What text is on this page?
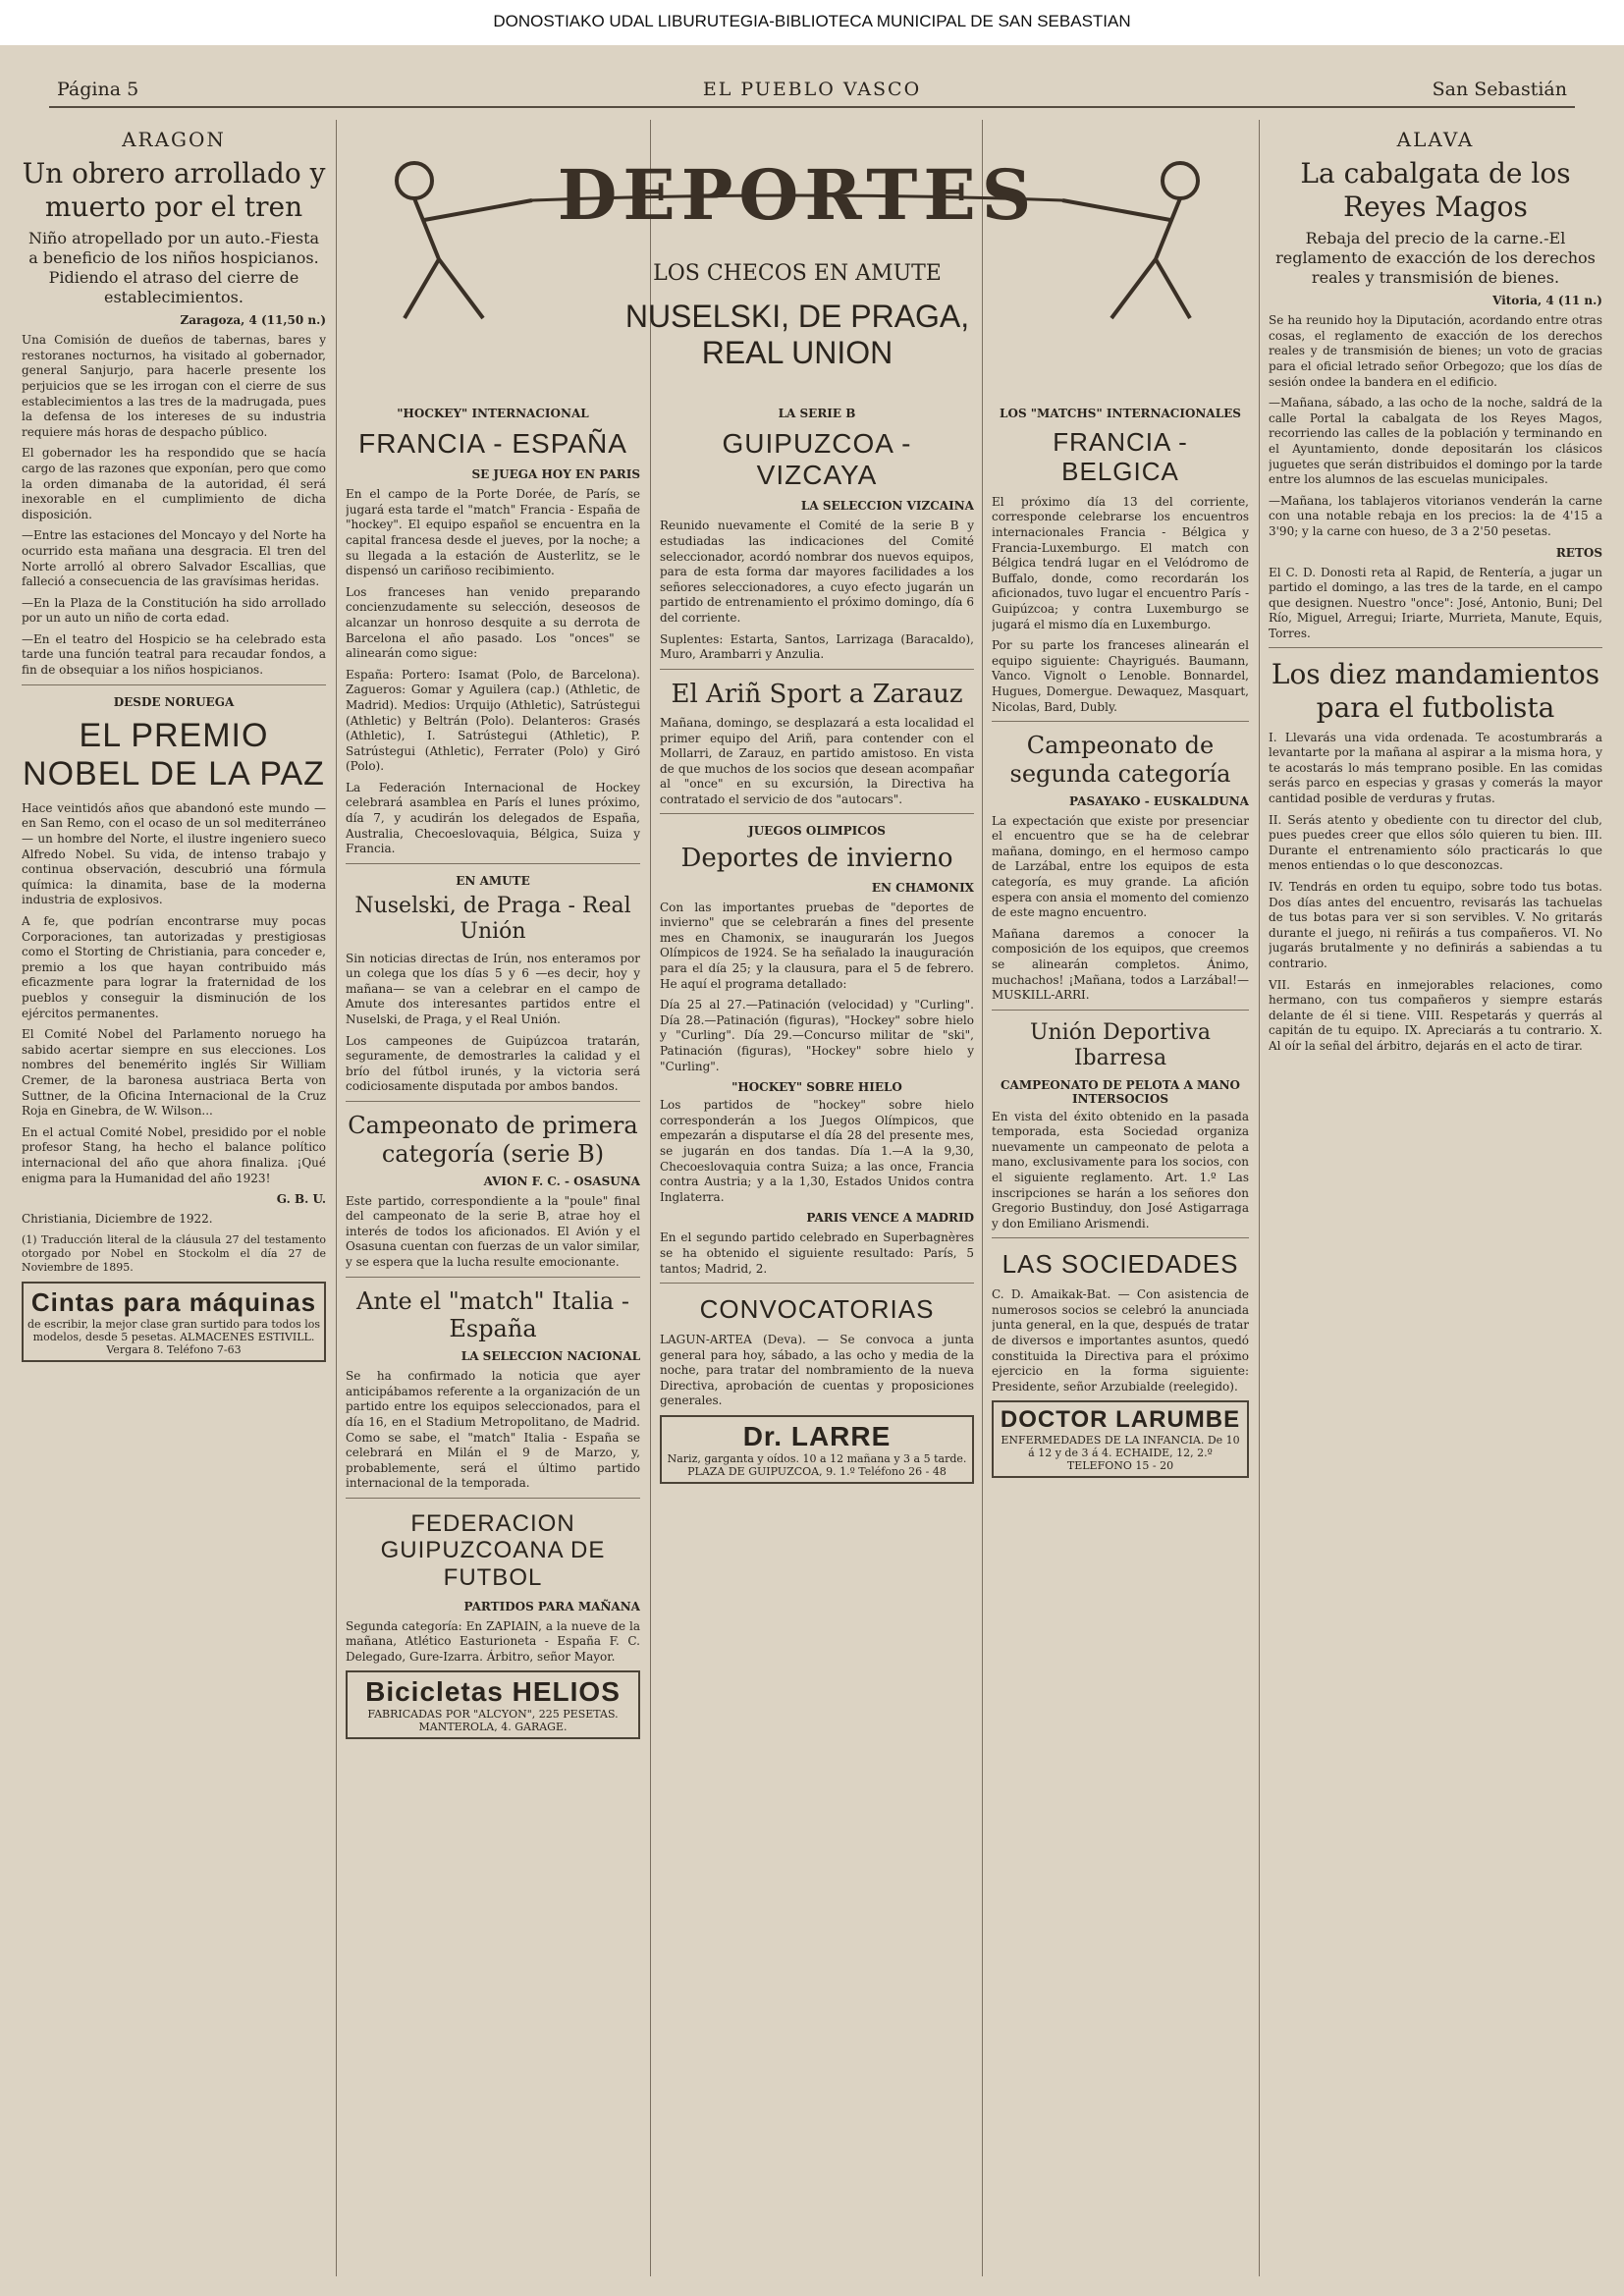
DONOSTIAKO UDAL LIBURUTEGIA-BIBLIOTECA MUNICIPAL DE SAN SEBASTIAN
Página 5	EL PUEBLO VASCO	San Sebastián
ARAGON
Un obrero arrollado y muerto por el tren
Niño atropellado por un auto.-Fiesta a beneficio de los niños hospicianos. Pidiendo el atraso del cierre de establecimientos.
Zaragoza, 4 (11,50 n.)

Una Comisión de dueños de tabernas, bares y restoranes nocturnos, ha visitado al gobernador, general Sanjurjo, para hacerle presente los perjuicios que se les irrogan con el cierre de sus establecimientos a las tres de la madrugada, pues la defensa de los intereses de su industria requiere más horas de despacho público.

El gobernador les ha respondido que se hacía cargo de las razones que exponían, pero que como la orden dimanaba de la autoridad, él será inexorable en el cumplimiento de dicha disposición.

—Entre las estaciones del Moncayo y del Norte ha ocurrido esta mañana una desgracia. El tren del Norte arrolló al obrero Salvador Escallias, que falleció a consecuencia de las gravísimas heridas.

—En la Plaza de la Constitución ha sido arrollado por un auto un niño de corta edad.

—En el teatro del Hospicio se ha celebrado esta tarde una función teatral para recaudar fondos, a fin de obsequiar a los niños hospicianos.

DESDE NORUEGA
EL PREMIO NOBEL DE LA PAZ

Hace veintidós años que abandonó este mundo —en San Remo, con el ocaso de un sol mediterráneo— un hombre del Norte, el ilustre ingeniero sueco Alfredo Nobel. Su vida, de intenso trabajo y continua observación, descubrió una fórmula química: la dinamita, base de la moderna industria de explosivos.

A fe, que podrían encontrarse muy pocas Corporaciones, tan autorizadas y prestigiosas como el Storting de Christiania, para conceder e, premio a los que hayan contribuido más eficazmente para lograr la fraternidad de los pueblos y conseguir la disminución de los ejércitos permanentes.

El Comité Nobel del Parlamento noruego ha sabido acertar siempre en sus elecciones. Los nombres del benemérito inglés Sir William Cremer, de la baronesa austriaca Berta von Suttner, de la Oficina Internacional de la Cruz Roja en Ginebra, de W. Wilson...

En el actual Comité Nobel, presidido por el noble profesor Stang, ha hecho el balance político internacional del año que ahora finaliza. ¡Qué enigma para la Humanidad del año 1923!

G. B. U.

Christiania, Diciembre de 1922.

(1) Traducción literal de la cláusula 27 del testamento otorgado por Nobel en Stockolm el día 27 de Noviembre de 1895.

Cintas para máquinas
de escribir, la mejor clase gran surtido para todos los modelos, desde 5 pesetas. ALMACENES ESTIVILL. Vergara 8. Teléfono 7-63
DEPORTES
LOS CHECOS EN AMUTE
NUSELSKI, DE PRAGA, REAL UNION
"HOCKEY" INTERNACIONAL
FRANCIA - ESPAÑA
SE JUEGA HOY EN PARIS

En el campo de la Porte Dorée, de París, se jugará esta tarde el "match" Francia - España de "hockey". El equipo español se encuentra en la capital francesa desde el jueves, por la noche; a su llegada a la estación de Austerlitz, se le dispensó un cariñoso recibimiento.

Los franceses han venido preparando concienzudamente su selección, deseosos de alcanzar un honroso desquite a su derrota de Barcelona el año pasado. Los "onces" se alinearán como sigue:

España: Portero: Isamat (Polo, de Barcelona). Zagueros: Gomar y Aguilera (cap.) (Athletic, de Madrid). Medios: Urquijo (Athletic), Satrústegui (Athletic) y Beltrán (Polo). Delanteros: Grasés (Athletic), I. Satrústegui (Athletic), P. Satrústegui (Athletic), Ferrater (Polo) y Giró (Polo).

La Federación Internacional de Hockey celebrará asamblea en París el lunes próximo, día 7, y acudirán los delegados de España, Australia, Checoeslovaquia, Bélgica, Suiza y Francia.

EN AMUTE
Nuselski, de Praga - Real Unión

Sin noticias directas de Irún, nos enteramos por un colega que los días 5 y 6 —es decir, hoy y mañana— se van a celebrar en el campo de Amute dos interesantes partidos entre el Nuselski, de Praga, y el Real Unión.

Los campeones de Guipúzcoa tratarán, seguramente, de demostrarles la calidad y el brío del fútbol irunés, y la victoria será codiciosamente disputada por ambos bandos.

Campeonato de primera categoría (serie B)
AVION F. C. - OSASUNA

Este partido, correspondiente a la "poule" final del campeonato de la serie B, atrae hoy el interés de todos los aficionados. El Avión y el Osasuna cuentan con fuerzas de un valor similar, y se espera que la lucha resulte emocionante.

Ante el "match" Italia - España
LA SELECCION NACIONAL

Se ha confirmado la noticia que ayer anticipábamos referente a la organización de un partido entre los equipos seleccionados, para el día 16, en el Stadium Metropolitano, de Madrid. Como se sabe, el "match" Italia - España se celebrará en Milán el 9 de Marzo, y, probablemente, será el último partido internacional de la temporada.

FEDERACION GUIPUZCOANA DE FUTBOL
PARTIDOS PARA MAÑANA

Segunda categoría: En ZAPIAIN, a la nueve de la mañana, Atlético Easturioneta - España F. C. Delegado, Gure-Izarra. Árbitro, señor Mayor.

Bicicletas HELIOS
FABRICADAS POR "ALCYON", 225 PESETAS. MANTEROLA, 4. GARAGE.
LA SERIE B
GUIPUZCOA - VIZCAYA
LA SELECCION VIZCAINA

Reunido nuevamente el Comité de la serie B y estudiadas las indicaciones del Comité seleccionador, acordó nombrar dos nuevos equipos, para de esta forma dar mayores facilidades a los señores seleccionadores, a cuyo efecto jugarán un partido de entrenamiento el próximo domingo, día 6 del corriente.

Suplentes: Estarta, Santos, Larrizaga (Baracaldo), Muro, Arambarri y Anzulia.

El Ariñ Sport a Zarauz

Mañana, domingo, se desplazará a esta localidad el primer equipo del Ariñ, para contender con el Mollarri, de Zarauz, en partido amistoso. En vista de que muchos de los socios que desean acompañar al "once" en su excursión, la Directiva ha contratado el servicio de dos "autocars".

JUEGOS OLIMPICOS
Deportes de invierno
EN CHAMONIX

Con las importantes pruebas de "deportes de invierno" que se celebrarán a fines del presente mes en Chamonix, se inaugurarán los Juegos Olímpicos de 1924. Se ha señalado la inauguración para el día 25; y la clausura, para el 5 de febrero. He aquí el programa detallado:

Día 25 al 27.—Patinación (velocidad) y "Curling". Día 28.—Patinación (figuras), "Hockey" sobre hielo y "Curling". Día 29.—Concurso militar de "ski", Patinación (figuras), "Hockey" sobre hielo y "Curling".

"HOCKEY" SOBRE HIELO

Los partidos de "hockey" sobre hielo corresponderán a los Juegos Olímpicos, que empezarán a disputarse el día 28 del presente mes, se jugarán en dos tandas. Día 1.—A la 9,30, Checoeslovaquia contra Suiza; a las once, Francia contra Austria; y a la 1,30, Estados Unidos contra Inglaterra.

PARIS VENCE A MADRID

En el segundo partido celebrado en Superbagnères se ha obtenido el siguiente resultado: París, 5 tantos; Madrid, 2.

CONVOCATORIAS

LAGUN-ARTEA (Deva). — Se convoca a junta general para hoy, sábado, a las ocho y media de la noche, para tratar del nombramiento de la nueva Directiva, aprobación de cuentas y proposiciones generales.

Dr. LARRE
Nariz, garganta y oídos. 10 a 12 mañana y 3 a 5 tarde. PLAZA DE GUIPUZCOA, 9. 1.º Teléfono 26 - 48
LOS "MATCHS" INTERNACIONALES
FRANCIA - BELGICA

El próximo día 13 del corriente, corresponde celebrarse los encuentros internacionales Francia - Bélgica y Francia-Luxemburgo. El match con Bélgica tendrá lugar en el Velódromo de Buffalo, donde, como recordarán los aficionados, tuvo lugar el encuentro París - Guipúzcoa; y contra Luxemburgo se jugará el mismo día en Luxemburgo.

Por su parte los franceses alinearán el equipo siguiente: Chayrigués. Baumann, Vanco. Vignolt o Lenoble. Bonnardel, Hugues, Domergue. Dewaquez, Masquart, Nicolas, Bard, Dubly.

Campeonato de segunda categoría
PASAYAKO - EUSKALDUNA

La expectación que existe por presenciar el encuentro que se ha de celebrar mañana, domingo, en el hermoso campo de Larzábal, entre los equipos de esta categoría, es muy grande. La afición espera con ansia el momento del comienzo de este magno encuentro.

Mañana daremos a conocer la composición de los equipos, que creemos se alinearán completos. Ánimo, muchachos! ¡Mañana, todos a Larzábal!—MUSKILL-ARRI.

Unión Deportiva Ibarresa
CAMPEONATO DE PELOTA A MANO INTERSOCIOS

En vista del éxito obtenido en la pasada temporada, esta Sociedad organiza nuevamente un campeonato de pelota a mano, exclusivamente para los socios, con el siguiente reglamento. Art. 1.º Las inscripciones se harán a los señores don Gregorio Bustinduy, don José Astigarraga y don Emiliano Arismendi.

LAS SOCIEDADES

C. D. Amaikak-Bat. — Con asistencia de numerosos socios se celebró la anunciada junta general, en la que, después de tratar de diversos e importantes asuntos, quedó constituida la Directiva para el próximo ejercicio en la forma siguiente: Presidente, señor Arzubialde (reelegido).

DOCTOR LARUMBE
ENFERMEDADES DE LA INFANCIA. De 10 á 12 y de 3 á 4. ECHAIDE, 12, 2.º TELEFONO 15 - 20
ALAVA
La cabalgata de los Reyes Magos
Rebaja del precio de la carne.-El reglamento de exacción de los derechos reales y transmisión de bienes.
Vitoria, 4 (11 n.)

Se ha reunido hoy la Diputación, acordando entre otras cosas, el reglamento de exacción de los derechos reales y de transmisión de bienes; un voto de gracias para el oficial letrado señor Orbegozo; que los días de sesión ondee la bandera en el edificio.

—Mañana, sábado, a las ocho de la noche, saldrá de la calle Portal la cabalgata de los Reyes Magos, recorriendo las calles de la población y terminando en el Ayuntamiento, donde depositarán los clásicos juguetes que serán distribuidos el domingo por la tarde entre los alumnos de las escuelas municipales.

—Mañana, los tablajeros vitorianos venderán la carne con una notable rebaja en los precios: la de 4'15 a 3'90; y la carne con hueso, de 3 a 2'50 pesetas.

RETOS

El C. D. Donosti reta al Rapid, de Rentería, a jugar un partido el domingo, a las tres de la tarde, en el campo que designen. Nuestro "once": José, Antonio, Buni; Del Río, Miguel, Arregui; Iriarte, Murrieta, Manute, Equis, Torres.

Los diez mandamientos para el futbolista

I. Llevarás una vida ordenada. Te acostumbrarás a levantarte por la mañana al aspirar a la misma hora, y te acostarás lo más temprano posible. En las comidas serás parco en especias y grasas y comerás la mayor cantidad posible de verduras y frutas.

II. Serás atento y obediente con tu director del club, pues puedes creer que ellos sólo quieren tu bien. III. Durante el entrenamiento sólo practicarás lo que menos entiendas o lo que desconozcas.

IV. Tendrás en orden tu equipo, sobre todo tus botas. Dos días antes del encuentro, revisarás las tachuelas de tus botas para ver si son servibles. V. No gritarás durante el juego, ni reñirás a tus compañeros. VI. No jugarás brutalmente y no definirás a sabiendas a tu contrario.

VII. Estarás en inmejorables relaciones, como hermano, con tus compañeros y siempre estarás delante de él si tiene. VIII. Respetarás y querrás al capitán de tu equipo. IX. Apreciarás a tu contrario. X. Al oír la señal del árbitro, dejarás en el acto de tirar.
